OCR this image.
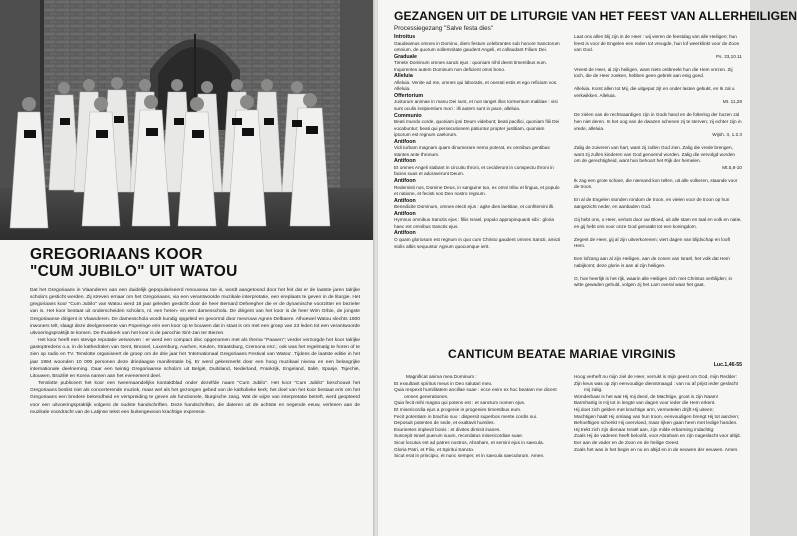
GREGORIAANS KOOR
"CUM JUBILO" UIT WATOU

Dat het Gregoriaans in Vlaanderen aan een duidelijk gepopulariseerd renouveau toe is, wordt aangetoond door het feit dat er de laatste jaren talrijke schola's gesticht werden. Zij streven ernaar om het Gregoriaans, via een verantwoorde muzikale interpretatie, een ereplaats te geven in de liturgie. Het gregoriaans koor "Cum Jubilo" van Watou werd 18 jaar geleden gesticht door de heer Bernard Deheegher die er de dynamische voorzitter en bezieler van is. Het koor bestaat uit onderscheiden schola's, nl. een heren- en een damesschola. De dirigent van het koor is de heer Wim Orbie, de jongste Gregoriaanse dirigent in Vlaanderen. De damesschola wordt kundig opgeleid en gevormd door mevrouw Agnes Delbaere. Alhoewel Watou slechts 1500 inwoners telt, slaagt deze deelgemeente van Poperinge erin een koor op te bouwen dat in staat is om met een groep van 23 leden tot een verantwoorde uitvoeringspraktijk te komen. De thuiskerk van het koor is de parochie Sint-Jan ter Biezen.

Het koor heeft een stevige reputatie verworven : er werd een compact disc opgenomen met als thema "Paasen"; verder verzorgde het koor talrijke gastoptredens o.a. in de kathedralen van Gent, Brussel, Luxemburg, Aachen, Keulen, Straatsburg, Cremona enz.; ook was het regelmatig te horen of te zien op radio en TV. Tenslotte organiseert de groep om de drie jaar het 'Internationaal Gregoriaans Festival van Watou'. Tijdens de laatste editie in het jaar 1994 woonden 10 000 personen deze driedaagse manifestatie bij. Er werd gekenmerkt door een hoog muzikaal niveau en een belangrijke internationale deelneming. Daar een twintig Gregoriaanse schola's uit België, Duitsland, Nederland, Frankrijk, Engeland, Italië, Spanje, Tsjechië, Litouwen, Brazilië en Korea namen aan het evenement deel.

Tenslotte publiceert het koor een tweemaandelijks kontaktblad onder dezelfde naam "Cum Jubilo". Het koor "Cum Jubilo" beschouwt het Gregoriaans beslist niet als concerterende muziek, maar wel als het gezongen gebed van de katholieke kerk; het doel van het koor bestaat erin om het Gregoriaans een bredere bekendheid en verspreiding te geven als functionele, liturgische zang. Wat de wijze van interpretatie betreft, werd geopteerd voor een uitvoeringspraktijk volgens de oudste handschriften. Deze handschriften, die dateren uit de achtste en negende eeuw, verlenen aan de muzikale voordracht van de Latijnse tekst een buitengewoon krachtige expressie.

GEZANGEN UIT DE LITURGIE VAN HET FEEST VAN ALLERHEILIGEN
Processiegezang "Salve festa dies"
Introitus
Gaudeamus omnes in Domino, diem festum celebrantes sub honore Sanctorum omnium, de quorum sollemnitate gaudent Angeli, et collaudant Filium Dei.
Graduale
Timete Dominum omnes sancti ejus : quoniam nihil deest timentibus eum. Inquirentes autem Dominum non deficient omni bono.
Alleluia
Alleluia. Venite ad me, omnes qui laboratis, et onerati estis et ego reficiam vos. Alleluia.
Offertorium
Justorum animae in manu Dei sunt, et non tanget illos tormentum malitiae : visi sunt oculis insipientium mori : illi autem sunt in pace, alleluia.
Communio
Beati mundo corde, quoniam ipsi Deum videbunt; beati pacifici, quoniam filii Dei vocabuntur; beati qui persecutionem patiuntur propter justitiam, quoniam ipsorum est regnum caelorum.
Antifoon
Vidi turbam magnam quam dinumerare nemo poterat, ex omnibus gentibus stantes ante thronum.
Antifoon
Et omnes Angeli stabant in circuitu throni, et ceciderunt in conspectu throni in facies suas et adoraverunt Deum.
Antifoon
Redemisti nos, Domine Deus, in sanguine tuo, ex omni tribu et lingua, et populo et natione, et fecisti nos Deo nostro regnum.
Antifoon
Benedicite Dominum, omnes electi ejus : agite dies laetitiae, et confitemini illi.
Antifoon
Hymnus omnibus Sanctis ejus : filiis Israel, populo appropinquanti sibi : gloria haec est omnibus Sanctis ejus.
Antifoon
O quam gloriosum est regnum in quo cum Christo gaudent omnes Sancti, amicti stolis albis sequuntur Agnum quocumque ierit.
Laat ons allen blij zijn in de Heer : wij vieren de feestdag van alle Heiligen; hun feest is voor de Engelen een reden tot vreugde, hun lof weerklinkt voor de Zoon van God.
Ps. 33,10.11
Vreest de Heer, al zijn heiligen, want niets ontbreekt hun die Hem vrezen. Zij toch, die de Heer zoeken, hebben geen gebrek aan enig goed.
Alleluia. Komt allen tot Mij, die uitgeput zijt en onder lasten gebukt, en Ik zal u verkwikken. Alleluia.
Mt. 11,28
De zielen van de rechtvaardigen zijn in Gods hand en de foltering der bozen zal hen niet deren. In het oog van de dwazen schenen zij te sterven; zij echter zijn in vrede, alleluia.
Wijsh. 3, 1.2.3
Zalig de zuiveren van hart, want zij zullen God zien. Zalig die vrede brengen, want zij zullen kinderen van God genoemd worden. Zalig die vervolgd worden om de gerechtigheid, want hun behoort het Rijk der hemelen.
Mt.5,8-10
Ik zag een grote schare, die niemand kon tellen, uit alle volkeren, staande voor de troon.
En al de Engelen stonden rondom de troon, en vielen voor de troon op hun aangezicht neder, en aanbaden God.
Gij hebt ons, o Heer, verlost door uw Bloed, uit alle stam en taal en volk en natie, en gij hebt ons voor onze God gemaakt tot een koningdom.
Zegent de Heer, gij al zijn uitverkorenen; viert dagen van blijdschap en looft Hem.
Een lofzang aan al zijn Heiligen, aan de zonen van Israël, het volk dat Hem nabijkomt; deze glorie is aan al zijn heiligen.
O, hoe heerlijk is het rijk, waarin alle Heiligen zich met Christus verblijden; in witte gewaden gehuld, volgen zij het Lam overal waar het gaat.
CANTICUM BEATAE MARIAE VIRGINIS
Luc.1,46-55
Magnificat anima mea Dominum :
Et exsultavit spiritus meus in Deo salutari meo.
Quia respexit humilitatem ancillae suae : ecce enim ex hoc beatam me dicent omnes generationes.
Quia fecit mihi magna qui potens est : et sanctum nomen ejus.
Et misericordia ejus a progenie in progenies timentibus eum.
Fecit potentiam in brachio suo : dispersit superbos mente cordis sui.
Deposuit potentes de sede, et exaltavit humiles.
Esurientes implevit bonis : et divites dimisit inanes.
Suscepit Israel puerum suum, recordatus misericordiae suae.
Sicut locutus est ad patres nostros, Abraham, et semini ejus in saecula.
Gloria Patri, et Filio, et Spiritui Sancto.
Sicut erat in principio, et nunc semper, et in saecula saeculorum. Amen.
Hoog verheft nu mijn ziel de Heer, verrukt is mijn geest om God, mijn Redder:
Zijn keus was op zijn eenvoudige dienstmaagd : van nu af prijst ieder geslacht mij zalig.
Wonderbaar is het wat Hij mij deed, de Machtige, groot is zijn Naam!
Barmhartig is Hij tot in lengte van dagen voor ieder die Hem erkent.
Hij doet zich gelden met krachtige arm, vermetelen drijft Hij uiteen;
Machtigen haalt Hij omlaag van hun troon, eenvoudigen brengt Hij tot aanzien;
Behoeftigen schenkt Hij overvloed, maar rijken gaan heen met ledige handen.
Hij trekt zich zijn dienaar Israël aan, zijn milde erbarming indachtig:
Zoals Hij de vaderen heeft beloofd, voor Abraham en zijn nageslacht voor altijd.
Eer aan de vader en de Zoon en de heilige Geest.
Zoals het was in het begin en nu en altijd en in de eeuwen der eeuwen. Amen.
